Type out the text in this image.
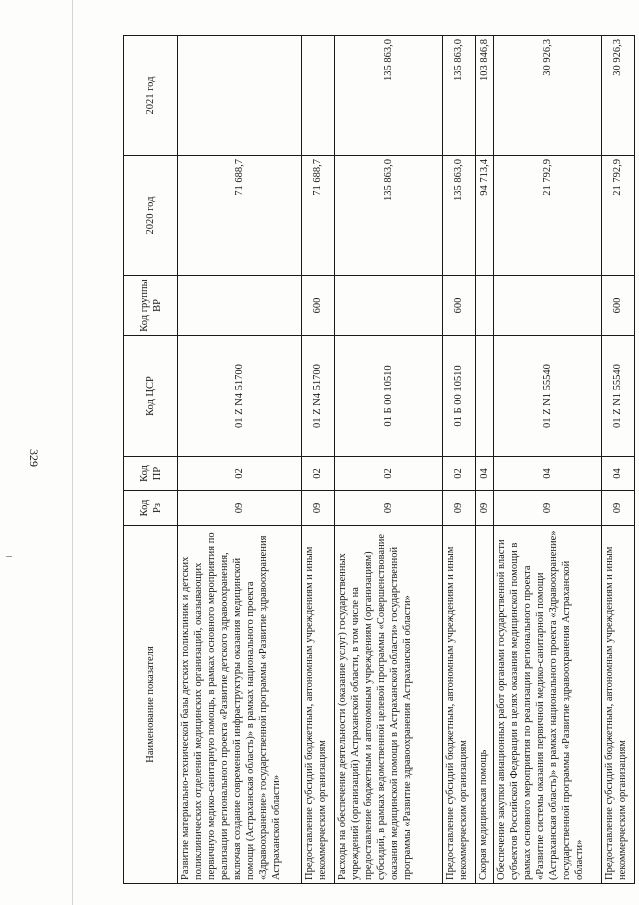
329
Наименование показателя	Код Рз	Код ПР	Код ЦСР	Код группы ВР	2020 год	2021 год
Развитие материально-технической базы детских поликлиник и детских поликлинических отделений медицинских организаций, оказывающих первичную медико-санитарную помощь, в рамках основного мероприятия по реализации регионального проекта «Развитие детского здравоохранения, включая создание современной инфраструктуры оказания медицинской помощи (Астраханская область)» в рамках национального проекта «Здравоохранение» государственной программы «Развитие здравоохранения Астраханской области»	09	02	01 Z N4 51700		71 688,7	
Предоставление субсидий бюджетным, автономным учреждениям и иным некоммерческим организациям	09	02	01 Z N4 51700	600	71 688,7	
Расходы на обеспечение деятельности (оказание услуг) государственных учреждений (организаций) Астраханской области, в том числе на предоставление бюджетным и автономным учреждениям (организациям) субсидий, в рамках ведомственной целевой программы «Совершенствование оказания медицинской помощи в Астраханской области» государственной программы «Развитие здравоохранения Астраханской области»	09	02	01 Б 00 10510		135 863,0	135 863,0
Предоставление субсидий бюджетным, автономным учреждениям и иным некоммерческим организациям	09	02	01 Б 00 10510	600	135 863,0	135 863,0
Скорая медицинская помощь	09	04			94 713,4	103 846,8
Обеспечение закупки авиационных работ органами государственной власти субъектов Российской Федерации в целях оказания медицинской помощи в рамках основного мероприятия по реализации регионального проекта «Развитие системы оказания первичной медико-санитарной помощи (Астраханская область)» в рамках национального проекта «Здравоохранение» государственной программы «Развитие здравоохранения Астраханской области»	09	04	01 Z N1 55540		21 792,9	30 926,3
Предоставление субсидий бюджетным, автономным учреждениям и иным некоммерческим организациям	09	04	01 Z N1 55540	600	21 792,9	30 926,3
